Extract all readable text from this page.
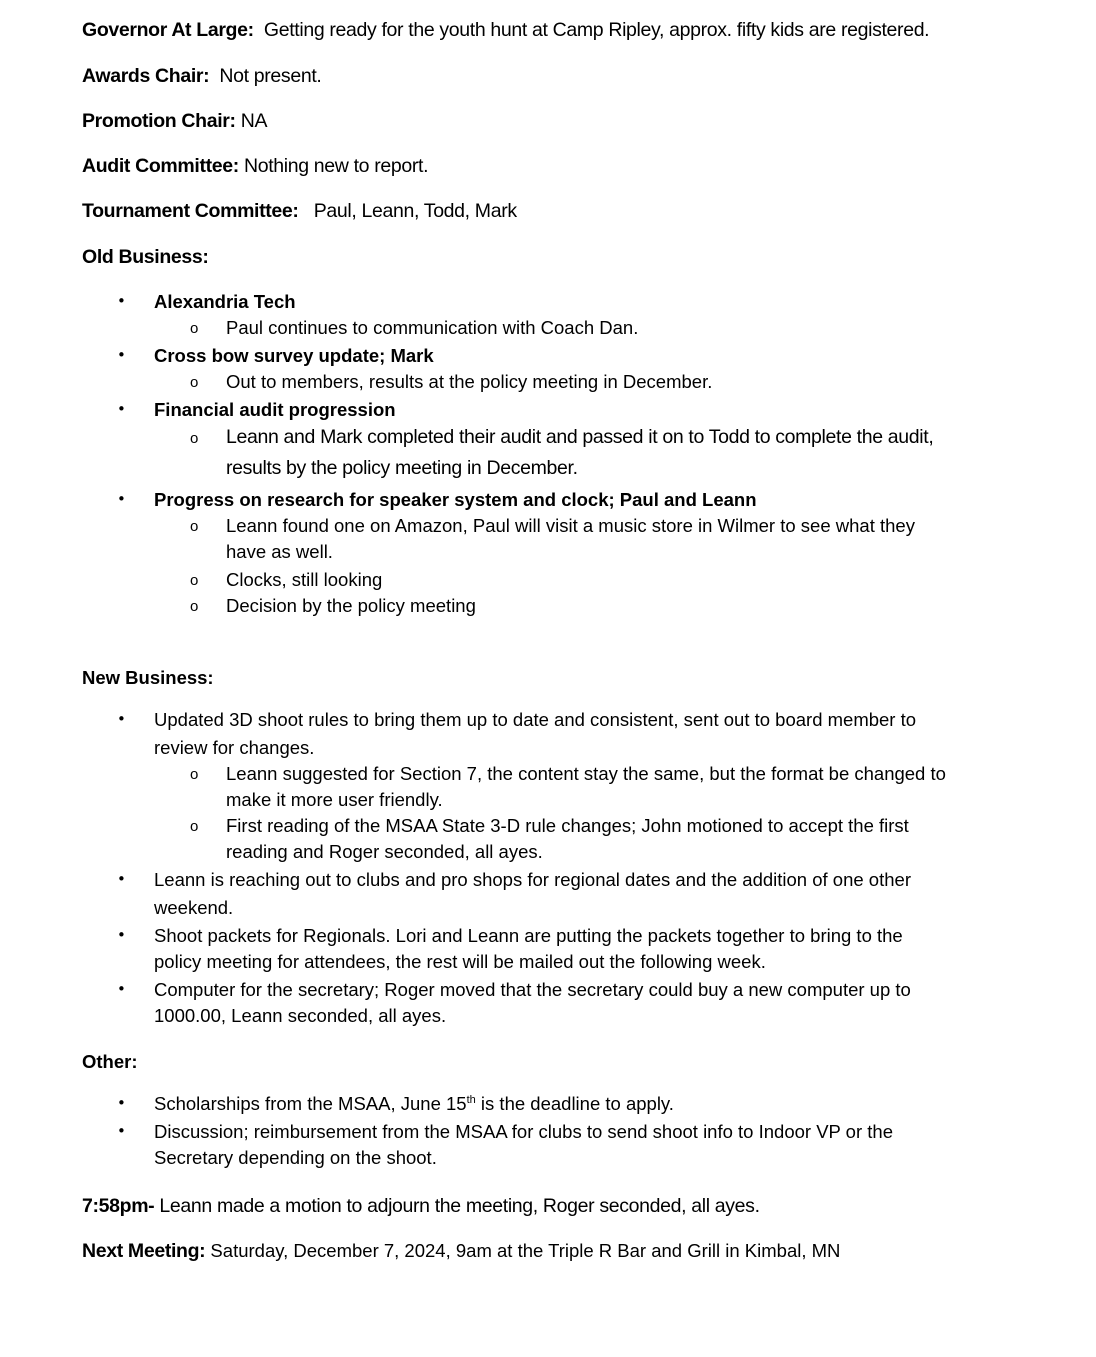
Governor At Large:  Getting ready for the youth hunt at Camp Ripley, approx. fifty kids are registered.
Awards Chair:  Not present.
Promotion Chair: NA
Audit Committee: Nothing new to report.
Tournament Committee:   Paul, Leann, Todd, Mark
Old Business:
• Alexandria Tech
o Paul continues to communication with Coach Dan.
• Cross bow survey update; Mark
o Out to members, results at the policy meeting in December.
• Financial audit progression
o Leann and Mark completed their audit and passed it on to Todd to complete the audit,
results by the policy meeting in December.
• Progress on research for speaker system and clock; Paul and Leann
o Leann found one on Amazon, Paul will visit a music store in Wilmer to see what they
have as well.
o Clocks, still looking
o Decision by the policy meeting
New Business:
• Updated 3D shoot rules to bring them up to date and consistent, sent out to board member to
review for changes.
o Leann suggested for Section 7, the content stay the same, but the format be changed to
make it more user friendly.
o First reading of the MSAA State 3-D rule changes; John motioned to accept the first
reading and Roger seconded, all ayes.
• Leann is reaching out to clubs and pro shops for regional dates and the addition of one other
weekend.
• Shoot packets for Regionals. Lori and Leann are putting the packets together to bring to the
policy meeting for attendees, the rest will be mailed out the following week.
• Computer for the secretary; Roger moved that the secretary could buy a new computer up to
1000.00, Leann seconded, all ayes.
Other:
• Scholarships from the MSAA, June 15th is the deadline to apply.
• Discussion; reimbursement from the MSAA for clubs to send shoot info to Indoor VP or the
Secretary depending on the shoot.
7:58pm- Leann made a motion to adjourn the meeting, Roger seconded, all ayes.
Next Meeting: Saturday, December 7, 2024, 9am at the Triple R Bar and Grill in Kimbal, MN
